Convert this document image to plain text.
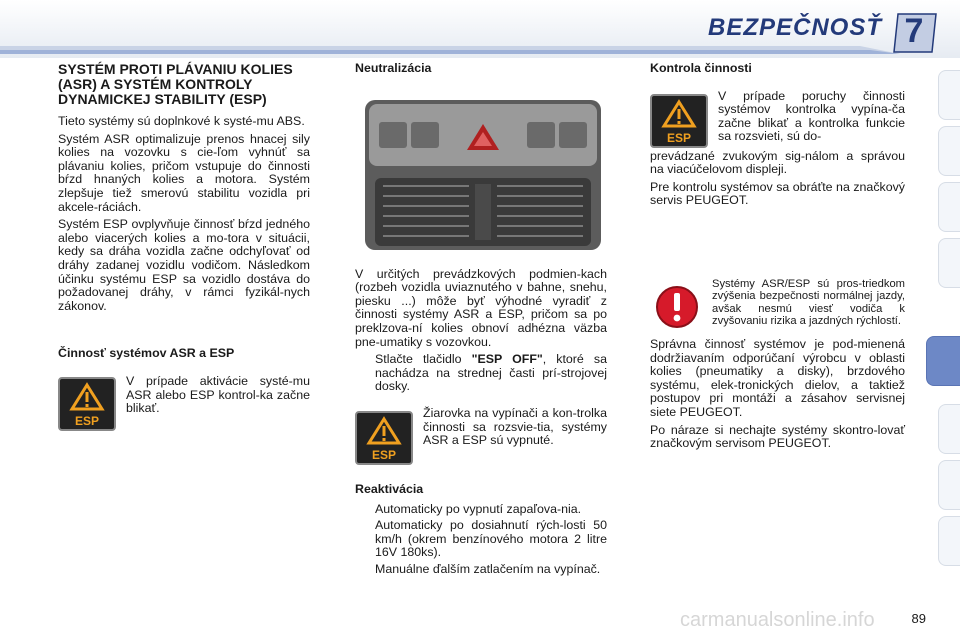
BEZPEČNOSŤ 7
SYSTÉM PROTI PLÁVANIU KOLIES (ASR) A SYSTÉM KONTROLY DYNAMICKEJ STABILITY (ESP)

Tieto systémy sú doplnkové k systé-mu ABS.

Systém ASR optimalizuje prenos hnacej sily kolies na vozovku s cie-ľom vyhnúť sa plávaniu kolies, pričom vstupuje do činnosti bŕzd hnaných kolies a motora. Systém zlepšuje tiež smerovú stabilitu vozidla pri akcele-ráciách.

Systém ESP ovplyvňuje činnosť bŕzd jedného alebo viacerých kolies a mo-tora v situácii, kedy sa dráha vozidla začne odchyľovať od dráhy zadanej vozidlu vodičom. Následkom účinku systému ESP sa vozidlo dostáva do požadovanej dráhy, v rámci fyzikál-nych zákonov.

Činnosť systémov ASR a ESP
ESP

V prípade aktivácie systé-mu ASR alebo ESP kontrol-ka začne blikať.

Neutralizácia

V určitých prevádzkových podmien-kach (rozbeh vozidla uviaznutého v bahne, snehu, piesku ...) môže byť výhodné vyradiť z činnosti systémy ASR a ESP, pričom sa po preklzova-ní kolies obnoví adhézna väzba pne-umatiky s vozovkou.

Stlačte tlačidlo "ESP OFF", ktoré sa nachádza na strednej časti prí-strojovej dosky.
ESP

Žiarovka na vypínači a kon-trolka činnosti sa rozsvie-tia, systémy ASR a ESP sú vypnuté.

Reaktivácia
Automaticky po vypnutí zapaľova-nia.
Automaticky po dosiahnutí rých-losti 50 km/h (okrem benzínového motora 2 litre 16V 180ks).
Manuálne ďalším zatlačením na vypínač.
Kontrola činnosti
ESP

V prípade poruchy činnosti systémov kontrolka vypína-ča začne blikať a kontrolka funkcie sa rozsvieti, sú do-

prevádzané zvukovým sig-nálom a správou na viacúčelovom displeji.

Pre kontrolu systémov sa obráťte na značkový servis PEUGEOT.

Systémy ASR/ESP sú pros-triedkom zvýšenia bezpečnosti normálnej jazdy, avšak nesmú viesť vodiča k zvyšovaniu rizika a jazdných rýchlostí.

Správna činnosť systémov je pod-mienená dodržiavaním odporúčaní výrobcu v oblasti kolies (pneumatiky a disky), brzdového systému, elek-tronických dielov, a taktiež postupov pri montáži a zásahov servisnej siete PEUGEOT.

Po náraze si nechajte systémy skontro-lovať značkovým servisom PEUGEOT.

89
carmanualsonline.info
